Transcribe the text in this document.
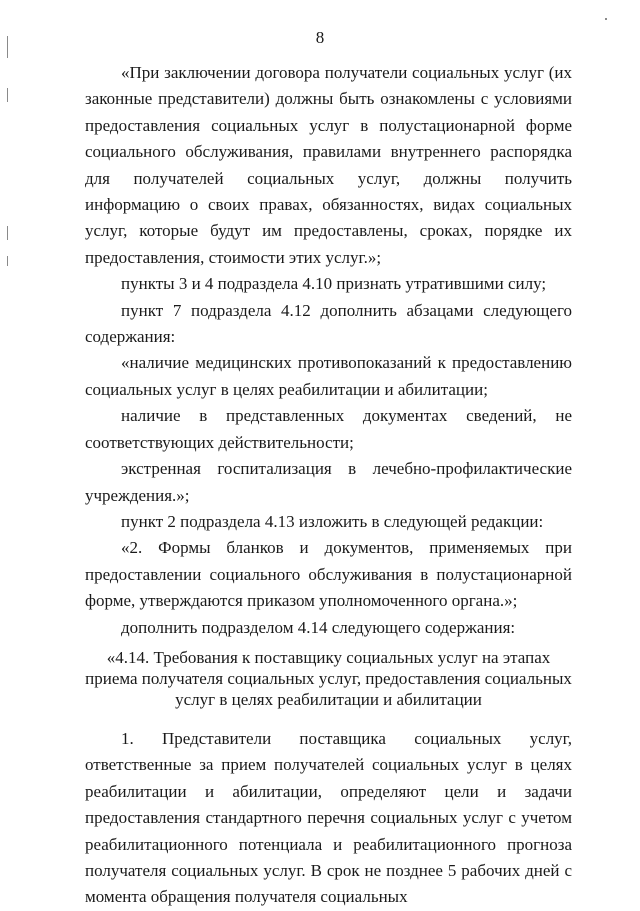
8

«При заключении договора получатели социальных услуг (их законные представители) должны быть ознакомлены с условиями предоставления социальных услуг в полустационарной форме социального обслуживания, правилами внутреннего распорядка для получателей социальных услуг, должны получить информацию о своих правах, обязанностях, видах социальных услуг, которые будут им предоставлены, сроках, порядке их предоставления, стоимости этих услуг.»;

пункты 3 и 4 подраздела 4.10 признать утратившими силу;

пункт 7 подраздела 4.12 дополнить абзацами следующего содержания:

«наличие медицинских противопоказаний к предоставлению социальных услуг в целях реабилитации и абилитации;

наличие в представленных документах сведений, не соответствующих действительности;

экстренная госпитализация в лечебно-профилактические учреждения.»;

пункт 2 подраздела 4.13 изложить в следующей редакции:

«2. Формы бланков и документов, применяемых при предоставлении социального обслуживания в полустационарной форме, утверждаются приказом уполномоченного органа.»;

дополнить подразделом 4.14 следующего содержания:

«4.14. Требования к поставщику социальных услуг на этапах приема получателя социальных услуг, предоставления социальных услуг в целях реабилитации и абилитации

1. Представители поставщика социальных услуг, ответственные за прием получателей социальных услуг в целях реабилитации и абилитации, определяют цели и задачи предоставления стандартного перечня социальных услуг с учетом реабилитационного потенциала и реабилитационного прогноза получателя социальных услуг. В срок не позднее 5 рабочих дней с момента обращения получателя социальных
